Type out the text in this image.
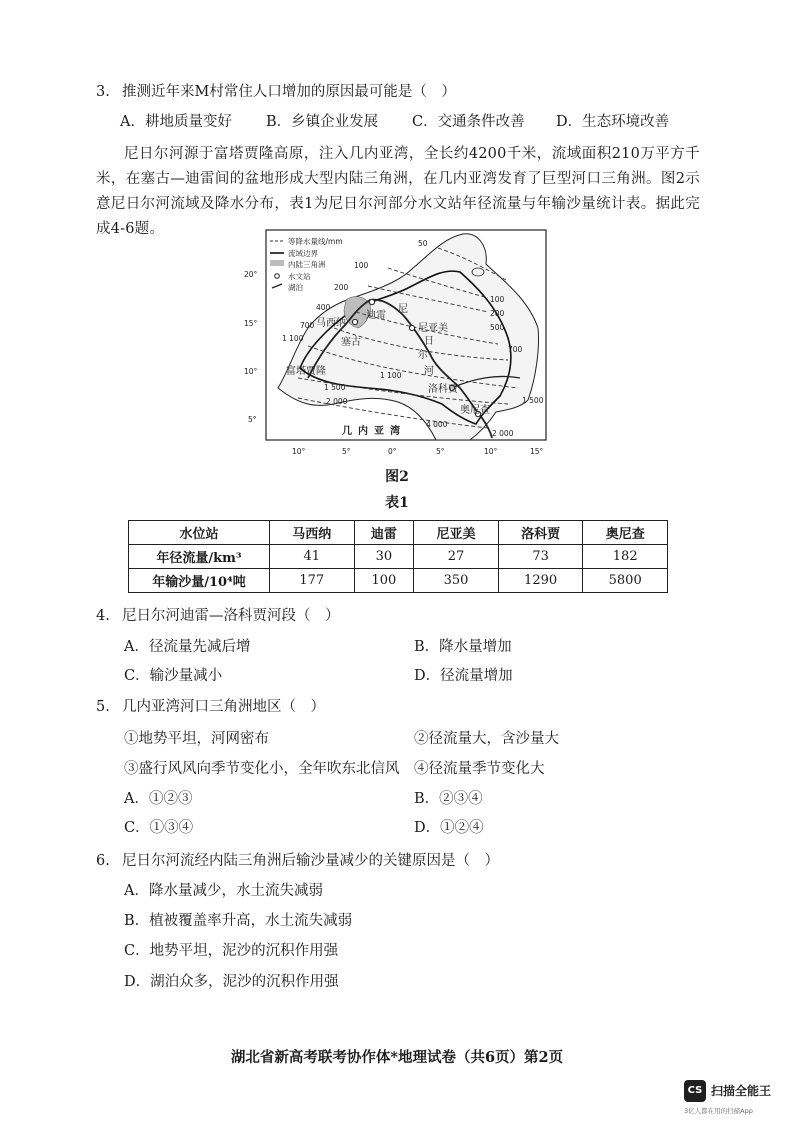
3. 推测近年来M村常住人口增加的原因最可能是（　）
A．耕地质量变好 B．乡镇企业发展 C．交通条件改善 D．生态环境改善
尼日尔河源于富塔贾隆高原，注入几内亚湾，全长约4200千米，流域面积210万平方千米，在塞古—迪雷间的盆地形成大型内陆三角洲，在几内亚湾发育了巨型河口三角洲。图2示意尼日尔河流域及降水分布，表1为尼日尔河部分水文站年径流量与年输沙量统计表。据此完成4-6题。
等降水量线/mm
流域边界
内陆三角洲
水文站
湖泊
20°
15°
10°
5°
10°	5°	0°	5°	10°	15°
马西纳
迪雷
塞古
尼亚美
洛科贾
奥尼查
富塔贾隆
尼
日
尔
河
几内亚湾
50
100
100
200
200
400
500
700
700
1 100
1 100
1 500
1 500
2 000
2 000
4 000
图2
表1
水位站	马西纳	迪雷	尼亚美	洛科贾	奥尼查
年径流量/km³	41	30	27	73	182
年输沙量/10⁴吨	177	100	350	1290	5800
4. 尼日尔河迪雷—洛科贾河段（　）
A．径流量先减后增	B．降水量增加
C．输沙量减小	D．径流量增加
5. 几内亚湾河口三角洲地区（　）
①地势平坦，河网密布	②径流量大，含沙量大
③盛行风风向季节变化小，全年吹东北信风 ④径流量季节变化大
A．①②③	B．②③④
C．①③④	D．①②④
6. 尼日尔河流经内陆三角洲后输沙量减少的关键原因是（　）
A．降水量减少，水土流失减弱
B．植被覆盖率升高，水土流失减弱
C．地势平坦，泥沙的沉积作用强
D．湖泊众多，泥沙的沉积作用强
湖北省新高考联考协作体*地理试卷（共6页）第2页
CS 扫描全能王
3亿人都在用的扫描App
